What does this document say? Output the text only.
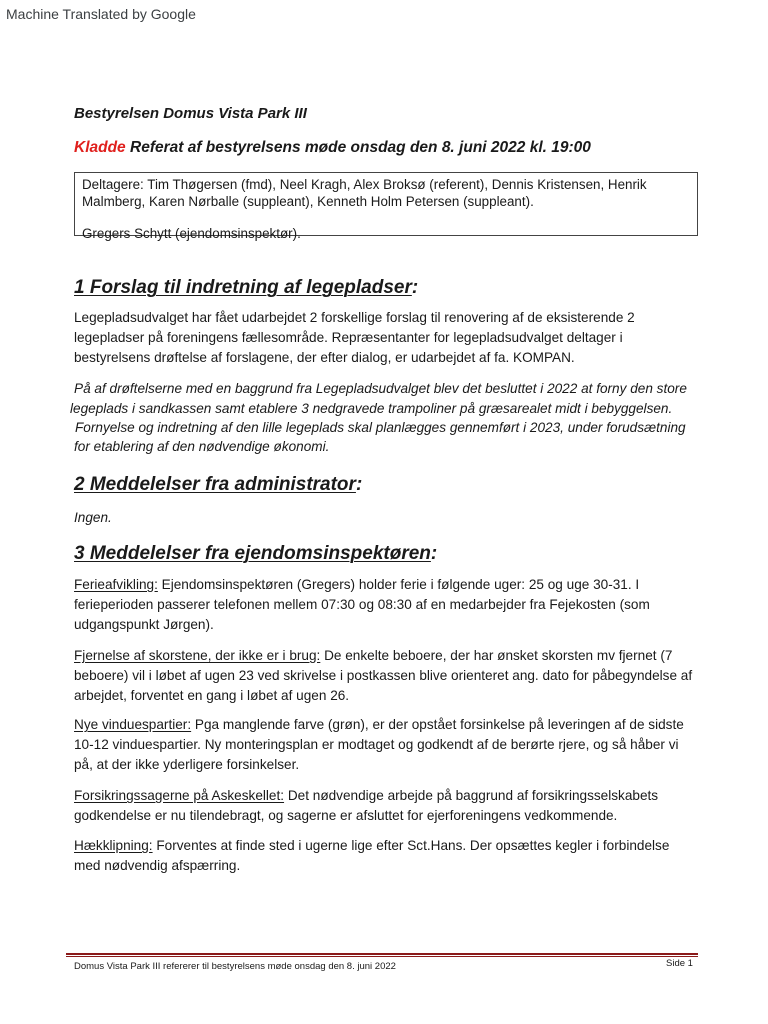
Machine Translated by Google
Bestyrelsen Domus Vista Park III
Kladde Referat af bestyrelsens møde onsdag den 8. juni 2022 kl. 19:00

Deltagere: Tim Thøgersen (fmd), Neel Kragh, Alex Broksø (referent), Dennis Kristensen, Henrik Malmberg, Karen Nørballe (suppleant), Kenneth Holm Petersen (suppleant).

Gregers Schytt (ejendomsinspektør).

1 Forslag til indretning af legepladser:

Legepladsudvalget har fået udarbejdet 2 forskellige forslag til renovering af de eksisterende 2 legepladser på foreningens fællesområde. Repræsentanter for legepladsudvalget deltager i bestyrelsens drøftelse af forslagene, der efter dialog, er udarbejdet af fa. KOMPAN.

På af drøftelserne med en baggrund fra Legepladsudvalget blev det besluttet i 2022 at forny den store

legeplads i sandkassen samt etablere 3 nedgravede trampoliner på græsarealet midt i bebyggelsen.

Fornyelse og indretning af den lille legeplads skal planlægges gennemført i 2023, under forudsætning

for etablering af den nødvendige økonomi.

2 Meddelelser fra administrator:

Ingen.

3 Meddelelser fra ejendomsinspektøren:

Ferieafvikling: Ejendomsinspektøren (Gregers) holder ferie i følgende uger: 25 og uge 30-31. I ferieperioden passerer telefonen mellem 07:30 og 08:30 af en medarbejder fra Fejekosten (som udgangspunkt Jørgen).

Fjernelse af skorstene, der ikke er i brug: De enkelte beboere, der har ønsket skorsten mv fjernet (7 beboere) vil i løbet af ugen 23 ved skrivelse i postkassen blive orienteret ang. dato for påbegyndelse af arbejdet, forventet en gang i løbet af ugen 26.

Nye vinduespartier: Pga manglende farve (grøn), er der opstået forsinkelse på leveringen af de sidste 10-12 vinduespartier. Ny monteringsplan er modtaget og godkendt af de berørte rjere, og så håber vi på, at der ikke yderligere forsinkelser.

Forsikringssagerne på Askeskellet: Det nødvendige arbejde på baggrund af forsikringsselskabets godkendelse er nu tilendebragt, og sagerne er afsluttet for ejerforeningens vedkommende.

Hækklipning: Forventes at finde sted i ugerne lige efter Sct.Hans. Der opsættes kegler i forbindelse med nødvendig afspærring.

Domus Vista Park III refererer til bestyrelsens møde onsdag den 8. juni 2022	Side 1
